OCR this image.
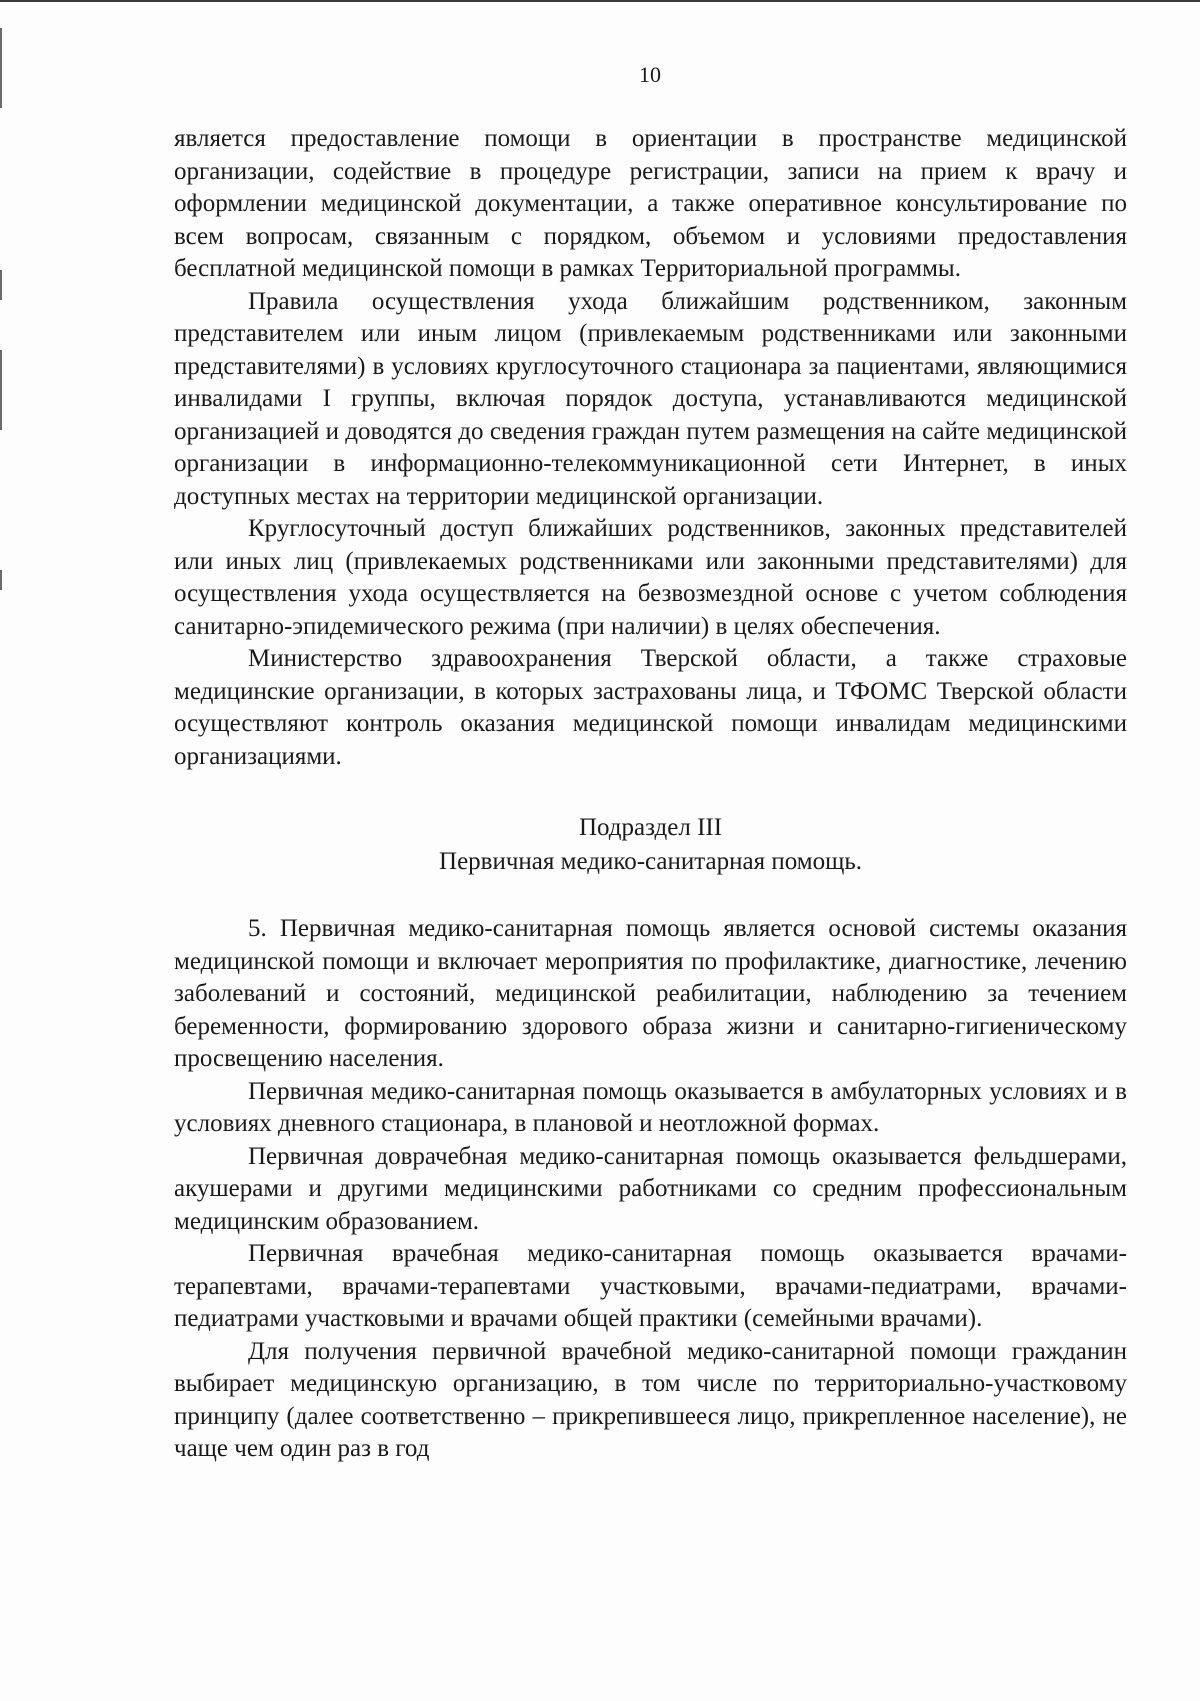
10

является предоставление помощи в ориентации в пространстве медицинской организации, содействие в процедуре регистрации, записи на прием к врачу и оформлении медицинской документации, а также оперативное консультирование по всем вопросам, связанным с порядком, объемом и условиями предоставления бесплатной медицинской помощи в рамках Территориальной программы.

Правила осуществления ухода ближайшим родственником, законным представителем или иным лицом (привлекаемым родственниками или законными представителями) в условиях круглосуточного стационара за пациентами, являющимися инвалидами I группы, включая порядок доступа, устанавливаются медицинской организацией и доводятся до сведения граждан путем размещения на сайте медицинской организации в информационно-телекоммуникационной сети Интернет, в иных доступных местах на территории медицинской организации.

Круглосуточный доступ ближайших родственников, законных представителей или иных лиц (привлекаемых родственниками или законными представителями) для осуществления ухода осуществляется на безвозмездной основе с учетом соблюдения санитарно-эпидемического режима (при наличии) в целях обеспечения.

Министерство здравоохранения Тверской области, а также страховые медицинские организации, в которых застрахованы лица, и ТФОМС Тверской области осуществляют контроль оказания медицинской помощи инвалидам медицинскими организациями.

Подраздел III
Первичная медико-санитарная помощь.

5. Первичная медико-санитарная помощь является основой системы оказания медицинской помощи и включает мероприятия по профилактике, диагностике, лечению заболеваний и состояний, медицинской реабилитации, наблюдению за течением беременности, формированию здорового образа жизни и санитарно-гигиеническому просвещению населения.

Первичная медико-санитарная помощь оказывается в амбулаторных условиях и в условиях дневного стационара, в плановой и неотложной формах.

Первичная доврачебная медико-санитарная помощь оказывается фельдшерами, акушерами и другими медицинскими работниками со средним профессиональным медицинским образованием.

Первичная врачебная медико-санитарная помощь оказывается врачами-терапевтами, врачами-терапевтами участковыми, врачами-педиатрами, врачами-педиатрами участковыми и врачами общей практики (семейными врачами).

Для получения первичной врачебной медико-санитарной помощи гражданин выбирает медицинскую организацию, в том числе по территориально-участковому принципу (далее соответственно – прикрепившееся лицо, прикрепленное население), не чаще чем один раз в год
